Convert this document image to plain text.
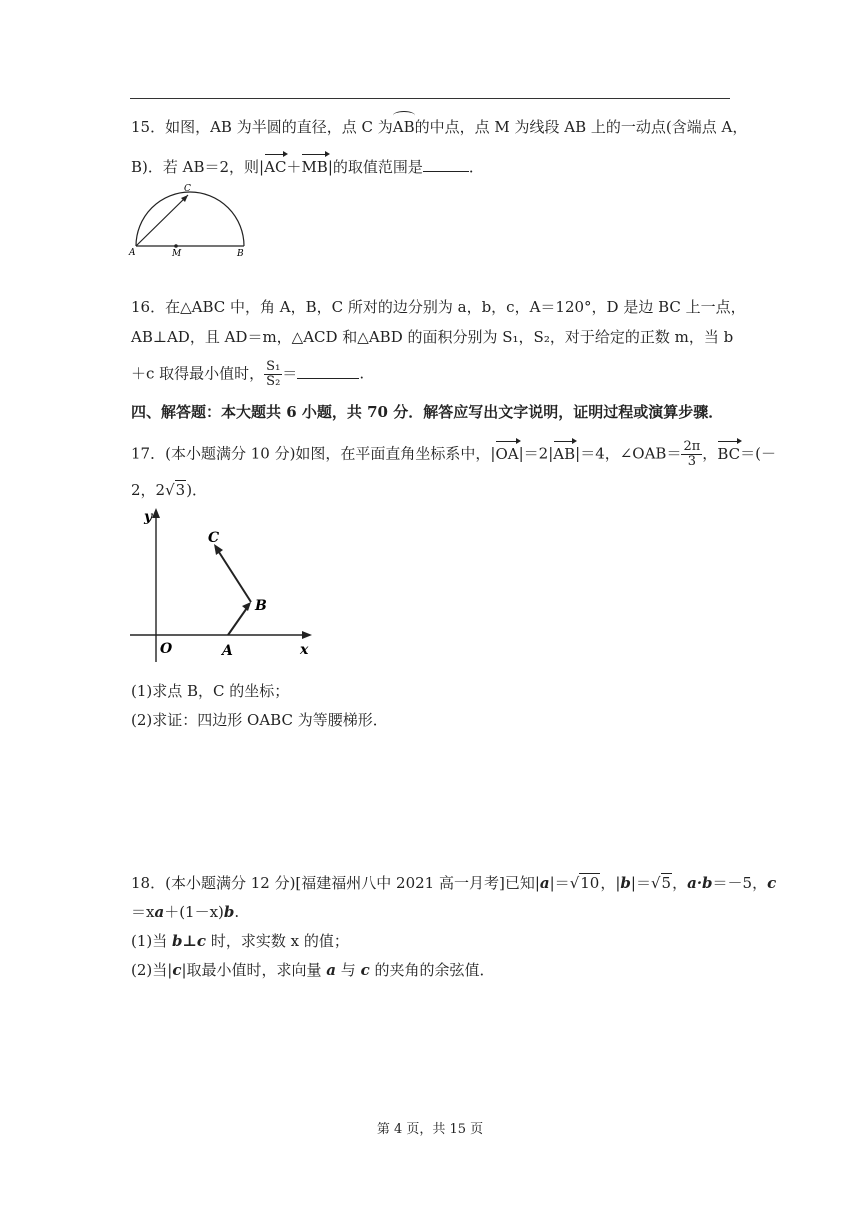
15．如图，AB 为半圆的直径，点 C 为AB的中点，点 M 为线段 AB 上的一动点(含端点 A，
B)．若 AB＝2，则|AC＋MB|的取值范围是	．
A	B
C
M
16．在△ABC 中，角 A，B，C 所对的边分别为 a，b，c，A＝120°，D 是边 BC 上一点，
AB⊥AD，且 AD＝m，△ACD 和△ABD 的面积分别为 S₁，S₂，对于给定的正数 m，当 b
＋c 取得最小值时， $\frac{\text{S₁}}{\text{S₂}}$ ＝	.
四、解答题：本大题共 6 小题，共 70 分．解答应写出文字说明，证明过程或演算步骤．
17．(本小题满分 10 分)如图，在平面直角坐标系中，|OA|＝2|AB|＝4，∠OAB＝ $\frac{2\pi}{3}$ ，BC＝(－
2，2√3)．
y
x
O	A
B
C
(1)求点 B，C 的坐标；
(2)求证：四边形 OABC 为等腰梯形．
18．(本小题满分 12 分)[福建福州八中 2021 高一月考]已知|a|＝√10，|b|＝√5，a·b＝－5，c
＝xa＋(1－x)b.
(1)当 b⊥c 时，求实数 x 的值；
(2)当|c|取最小值时，求向量 a 与 c 的夹角的余弦值．
第 4 页，共 15 页
